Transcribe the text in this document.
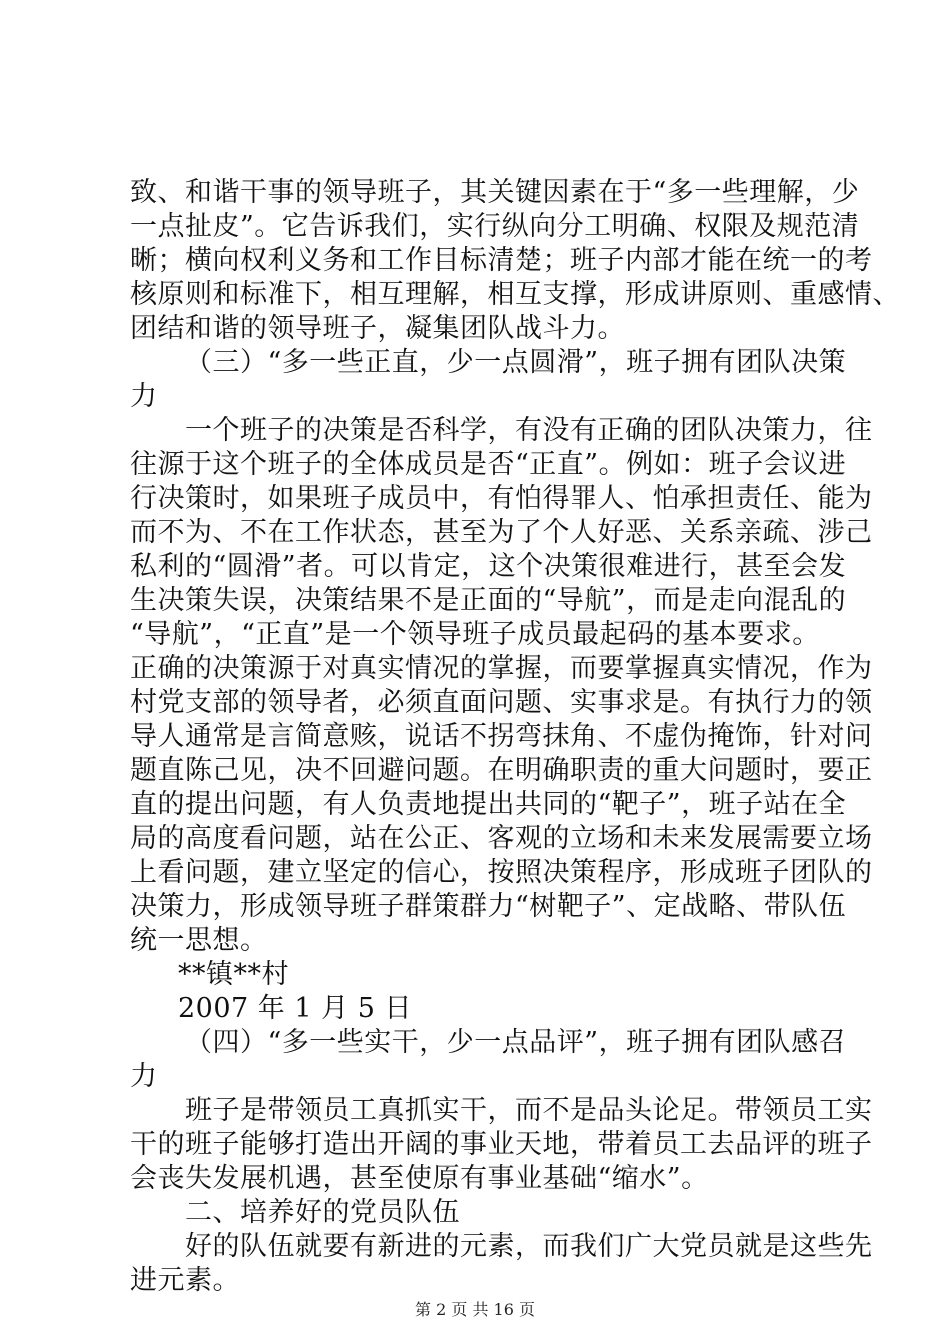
致、和谐干事的领导班子，其关键因素在于“多一些理解，少
一点扯皮”。它告诉我们，实行纵向分工明确、权限及规范清
晰；横向权利义务和工作目标清楚；班子内部才能在统一的考
核原则和标准下，相互理解，相互支撑，形成讲原则、重感情、
团结和谐的领导班子，凝集团队战斗力。
（三）“多一些正直，少一点圆滑”，班子拥有团队决策
力
一个班子的决策是否科学，有没有正确的团队决策力，往
往源于这个班子的全体成员是否“正直”。例如：班子会议进
行决策时，如果班子成员中，有怕得罪人、怕承担责任、能为
而不为、不在工作状态，甚至为了个人好恶、关系亲疏、涉己
私利的“圆滑”者。可以肯定，这个决策很难进行，甚至会发
生决策失误，决策结果不是正面的“导航”，而是走向混乱的
“导航”，“正直”是一个领导班子成员最起码的基本要求。
正确的决策源于对真实情况的掌握，而要掌握真实情况，作为
村党支部的领导者，必须直面问题、实事求是。有执行力的领
导人通常是言简意赅，说话不拐弯抹角、不虚伪掩饰，针对问
题直陈己见，决不回避问题。在明确职责的重大问题时，要正
直的提出问题，有人负责地提出共同的“靶子”，班子站在全
局的高度看问题，站在公正、客观的立场和未来发展需要立场
上看问题，建立坚定的信心，按照决策程序，形成班子团队的
决策力，形成领导班子群策群力“树靶子”、定战略、带队伍
统一思想。
**镇**村
2007 年 1 月 5 日
（四）“多一些实干，少一点品评”，班子拥有团队感召
力
班子是带领员工真抓实干，而不是品头论足。带领员工实
干的班子能够打造出开阔的事业天地，带着员工去品评的班子
会丧失发展机遇，甚至使原有事业基础“缩水”。
二、培养好的党员队伍
好的队伍就要有新进的元素，而我们广大党员就是这些先
进元素。
第 2 页 共 16 页
